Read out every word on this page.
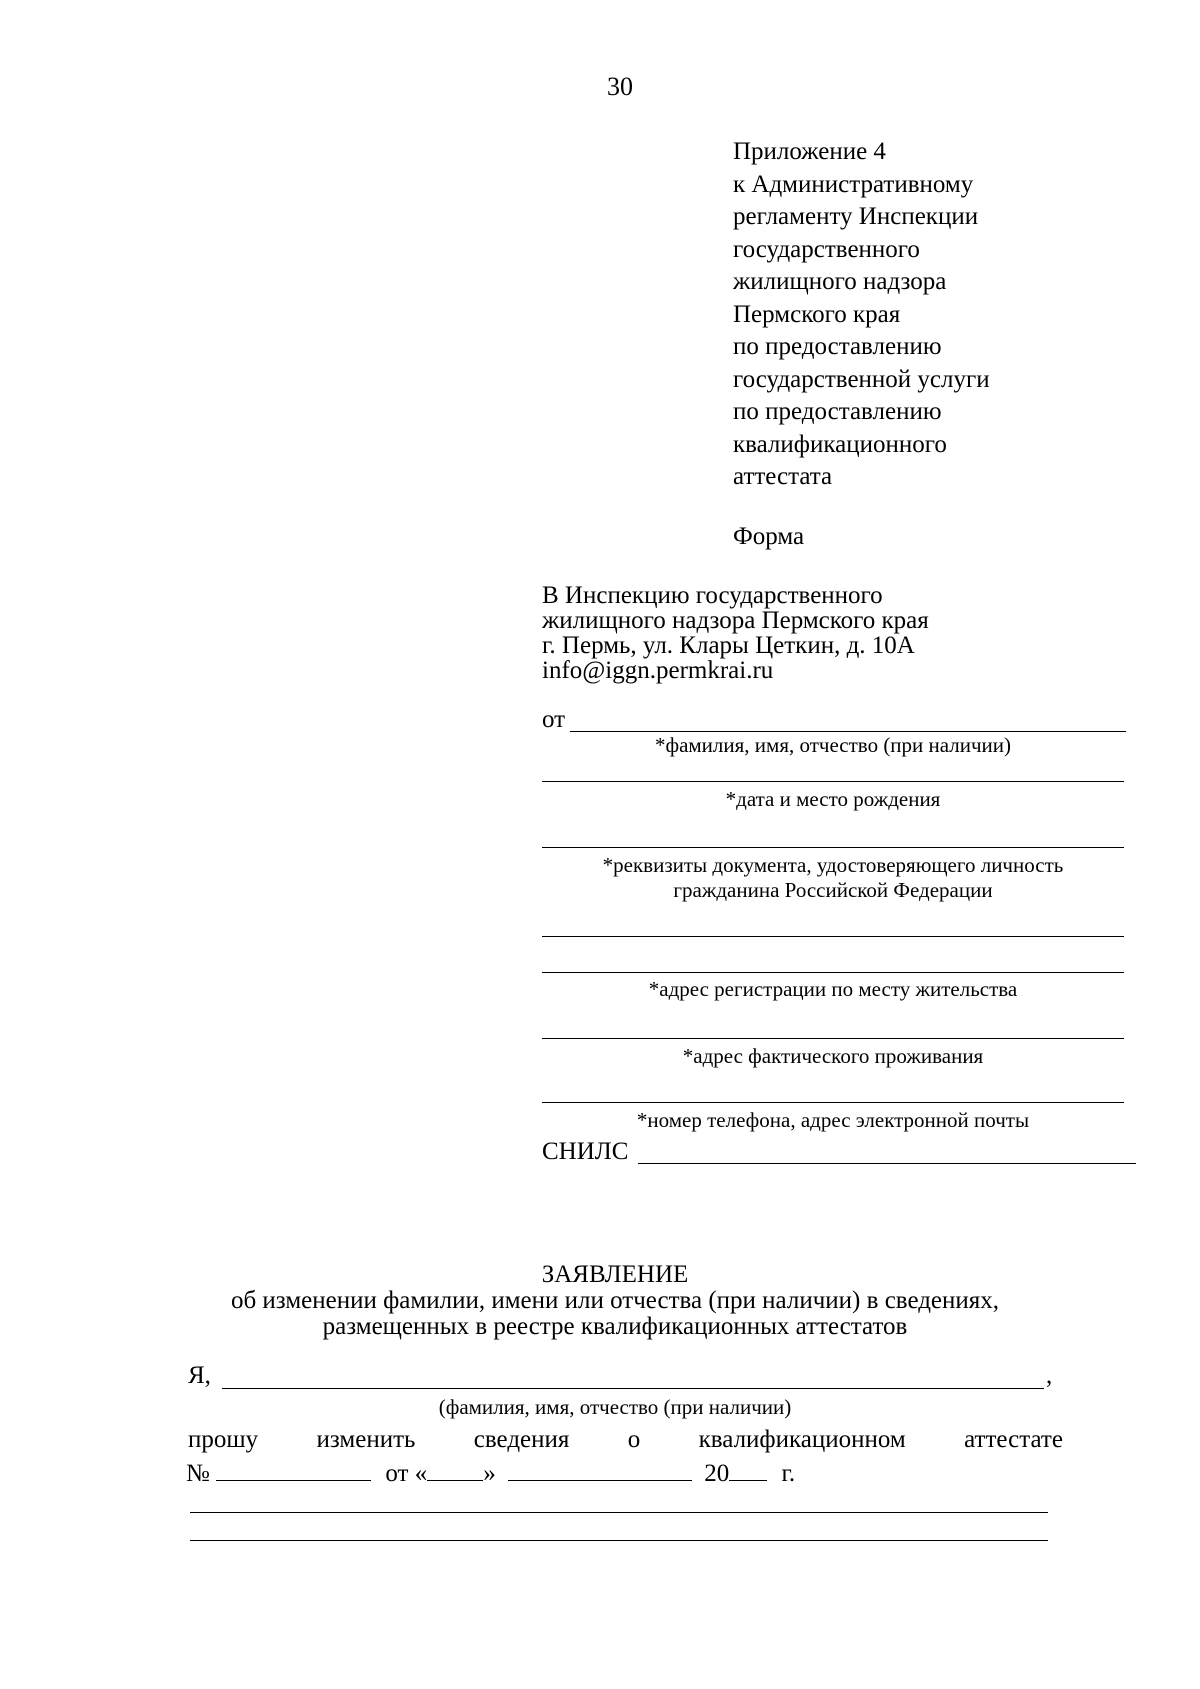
30
Приложение 4
к Административному
регламенту Инспекции
государственного
жилищного надзора
Пермского края
по предоставлению
государственной услуги
по предоставлению
квалификационного
аттестата
Форма
В Инспекцию государственного
жилищного надзора Пермского края
г. Пермь, ул. Клары Цеткин, д. 10А
info@iggn.permkrai.ru
от
*фамилия, имя, отчество (при наличии)
*дата и место рождения
*реквизиты документа, удостоверяющего личность
гражданина Российской Федерации
*адрес регистрации по месту жительства
*адрес фактического проживания
*номер телефона, адрес электронной почты
СНИЛС
ЗАЯВЛЕНИЕ
об изменении фамилии, имени или отчества (при наличии) в сведениях,
размещенных в реестре квалификационных аттестатов
Я,	,
(фамилия, имя, отчество (при наличии)
прошу изменить сведения о квалификационном аттестате
№	от « »	20 г.
